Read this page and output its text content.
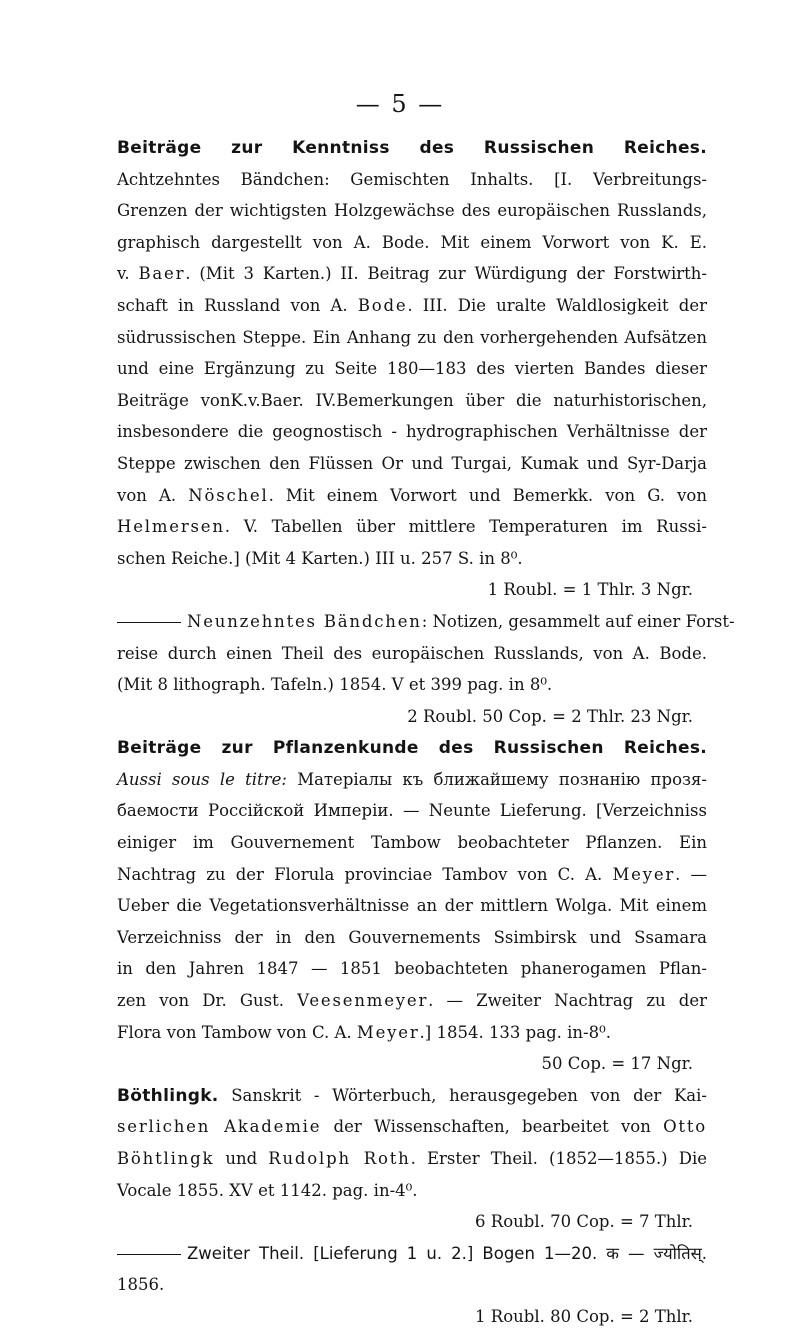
— 5 —
Beiträge zur Kenntniss des Russischen Reiches.
Achtzehntes Bändchen: Gemischten Inhalts. [I. Verbreitungs-
Grenzen der wichtigsten Holzgewächse des europäischen Russlands,
graphisch dargestellt von A. Bode. Mit einem Vorwort von K. E.
v. Baer. (Mit 3 Karten.) II. Beitrag zur Würdigung der Forstwirth-
schaft in Russland von A. Bode. III. Die uralte Waldlosigkeit der
südrussischen Steppe. Ein Anhang zu den vorhergehenden Aufsätzen
und eine Ergänzung zu Seite 180—183 des vierten Bandes dieser
Beiträge vonK.v.Baer. IV.Bemerkungen über die naturhistorischen,
insbesondere die geognostisch - hydrographischen Verhältnisse der
Steppe zwischen den Flüssen Or und Turgai, Kumak und Syr-Darja
von A. Nöschel. Mit einem Vorwort und Bemerkk. von G. von
Helmersen. V. Tabellen über mittlere Temperaturen im Russi-
schen Reiche.] (Mit 4 Karten.) III u. 257 S. in 8⁰.
1 Roubl. = 1 Thlr. 3 Ngr.
Neunzehntes Bändchen: Notizen, gesammelt auf einer Forst-
reise durch einen Theil des europäischen Russlands, von A. Bode.
(Mit 8 lithograph. Tafeln.) 1854. V et 399 pag. in 8⁰.
2 Roubl. 50 Cop. = 2 Thlr. 23 Ngr.
Beiträge zur Pflanzenkunde des Russischen Reiches.
Aussi sous le titre: Матеріалы къ ближайшему познанію прозя-
баемости Россiйской Имперiи. — Neunte Lieferung. [Verzeichniss
einiger im Gouvernement Tambow beobachteter Pflanzen. Ein
Nachtrag zu der Florula provinciae Tambov von C. A. Meyer. —
Ueber die Vegetationsverhältnisse an der mittlern Wolga. Mit einem
Verzeichniss der in den Gouvernements Ssimbirsk und Ssamara
in den Jahren 1847 — 1851 beobachteten phanerogamen Pflan-
zen von Dr. Gust. Veesenmeyer. — Zweiter Nachtrag zu der
Flora von Tambow von C. A. Meyer.] 1854. 133 pag. in-8⁰.
50 Cop. = 17 Ngr.
Böthlingk. Sanskrit - Wörterbuch, herausgegeben von der Kai-
serlichen Akademie der Wissenschaften, bearbeitet von Otto
Böhtlingk und Rudolph Roth. Erster Theil. (1852—1855.) Die
Vocale 1855. XV et 1142. pag. in-4⁰.
6 Roubl. 70 Cop. = 7 Thlr.
Zweiter Theil. [Lieferung 1 u. 2.] Bogen 1—20. क — ज्योतिस्.
1856.
1 Roubl. 80 Cop. = 2 Thlr.
